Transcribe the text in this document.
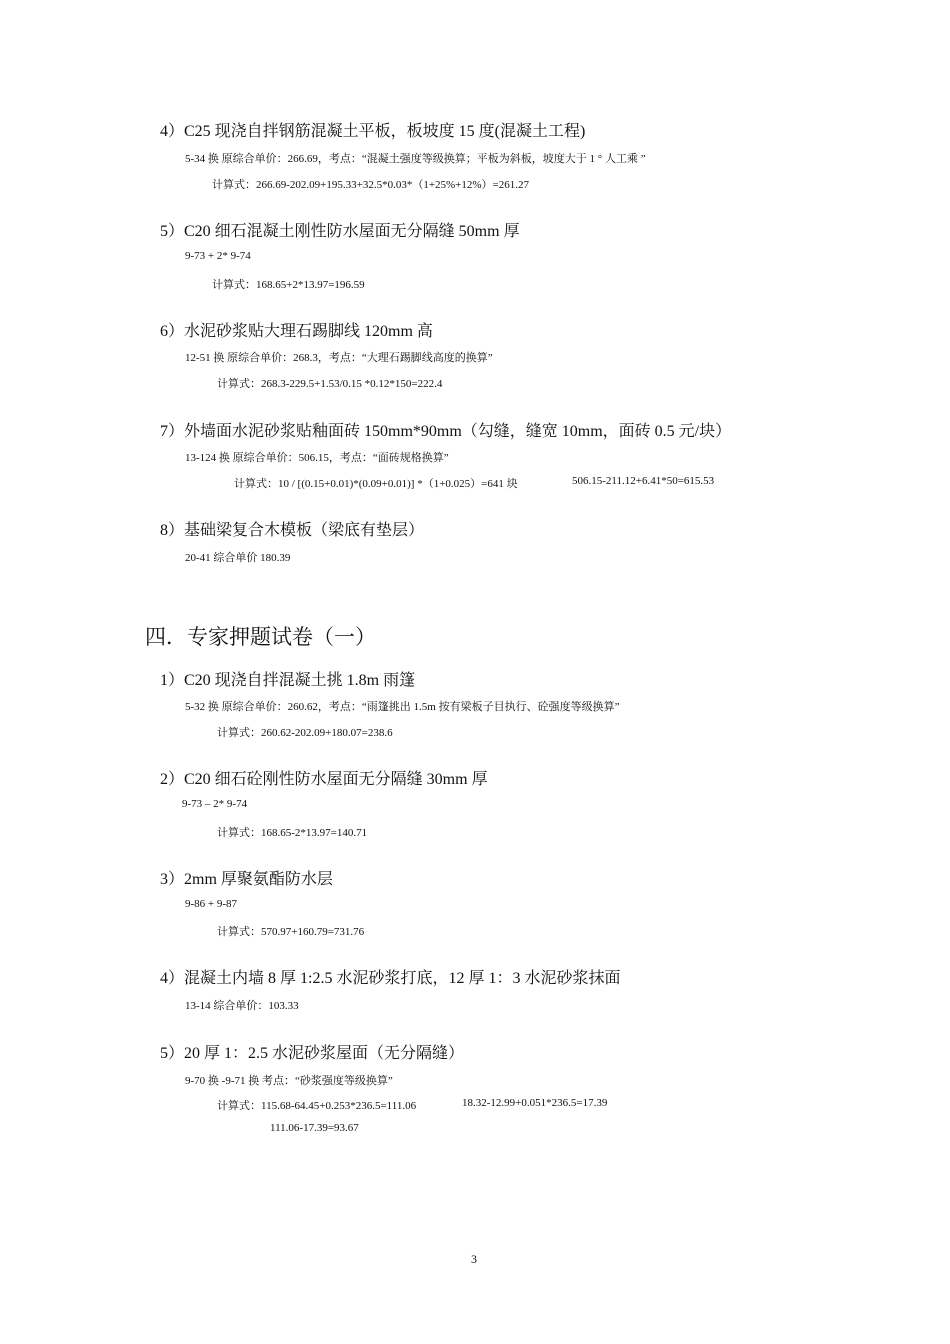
4）C25 现浇自拌钢筋混凝土平板，板坡度 15 度(混凝土工程)
5-34 换 原综合单价：266.69，考点：“混凝土强度等级换算；平板为斜板，坡度大于 1 ° 人工乘 ”
计算式：266.69-202.09+195.33+32.5*0.03*（1+25%+12%）=261.27
5）C20 细石混凝土刚性防水屋面无分隔缝 50mm 厚
9-73 + 2* 9-74
计算式：168.65+2*13.97=196.59
6）水泥砂浆贴大理石踢脚线 120mm 高
12-51 换 原综合单价：268.3，考点：“大理石踢脚线高度的换算”
计算式：268.3-229.5+1.53/0.15 *0.12*150=222.4
7）外墙面水泥砂浆贴釉面砖 150mm*90mm（勾缝，缝宽 10mm，面砖 0.5 元/块）
13-124 换 原综合单价：506.15，考点：“面砖规格换算”
计算式：10 / [(0.15+0.01)*(0.09+0.01)] *（1+0.025）=641 块	506.15-211.12+6.41*50=615.53
8）基础梁复合木模板（梁底有垫层）
20-41 综合单价 180.39
四．专家押题试卷（一）
1）C20 现浇自拌混凝土挑 1.8m 雨篷
5-32 换 原综合单价：260.62，考点：“雨篷挑出 1.5m 按有梁板子目执行、砼强度等级换算”
计算式：260.62-202.09+180.07=238.6
2）C20 细石砼刚性防水屋面无分隔缝 30mm 厚
9-73 – 2* 9-74
计算式：168.65-2*13.97=140.71
3）2mm 厚聚氨酯防水层
9-86 + 9-87
计算式：570.97+160.79=731.76
4）混凝土内墙 8 厚 1:2.5 水泥砂浆打底，12 厚 1：3 水泥砂浆抹面
13-14 综合单价：103.33
5）20 厚 1：2.5 水泥砂浆屋面（无分隔缝）
9-70 换 -9-71 换 考点：“砂浆强度等级换算”
计算式：115.68-64.45+0.253*236.5=111.06	18.32-12.99+0.051*236.5=17.39
111.06-17.39=93.67
3
